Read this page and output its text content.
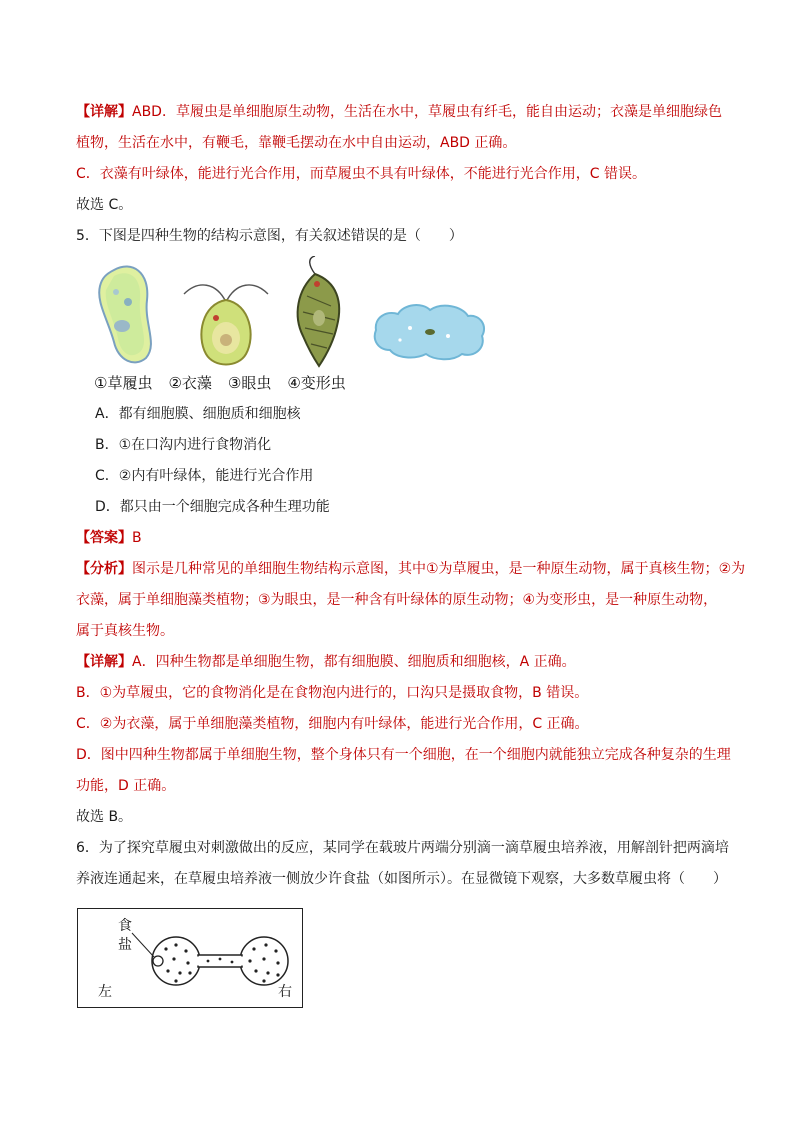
【详解】ABD．草履虫是单细胞原生动物，生活在水中，草履虫有纤毛，能自由运动；衣藻是单细胞绿色
植物，生活在水中，有鞭毛，靠鞭毛摆动在水中自由运动，ABD 正确。
C．衣藻有叶绿体，能进行光合作用，而草履虫不具有叶绿体，不能进行光合作用，C 错误。
故选 C。
5．下图是四种生物的结构示意图，有关叙述错误的是（　　）
①草履虫 ②衣藻 ③眼虫 ④变形虫
A．都有细胞膜、细胞质和细胞核
B．①在口沟内进行食物消化
C．②内有叶绿体，能进行光合作用
D．都只由一个细胞完成各种生理功能
【答案】B
【分析】图示是几种常见的单细胞生物结构示意图，其中①为草履虫，是一种原生动物，属于真核生物；②为
衣藻，属于单细胞藻类植物；③为眼虫，是一种含有叶绿体的原生动物；④为变形虫，是一种原生动物，
属于真核生物。
【详解】A．四种生物都是单细胞生物，都有细胞膜、细胞质和细胞核，A 正确。
B．①为草履虫，它的食物消化是在食物泡内进行的，口沟只是摄取食物，B 错误。
C．②为衣藻，属于单细胞藻类植物，细胞内有叶绿体，能进行光合作用，C 正确。
D．图中四种生物都属于单细胞生物，整个身体只有一个细胞，在一个细胞内就能独立完成各种复杂的生理
功能，D 正确。
故选 B。
6．为了探究草履虫对刺激做出的反应，某同学在载玻片两端分别滴一滴草履虫培养液，用解剖针把两滴培
养液连通起来，在草履虫培养液一侧放少许食盐（如图所示）。在显微镜下观察，大多数草履虫将（　　）
食
盐
左	右
